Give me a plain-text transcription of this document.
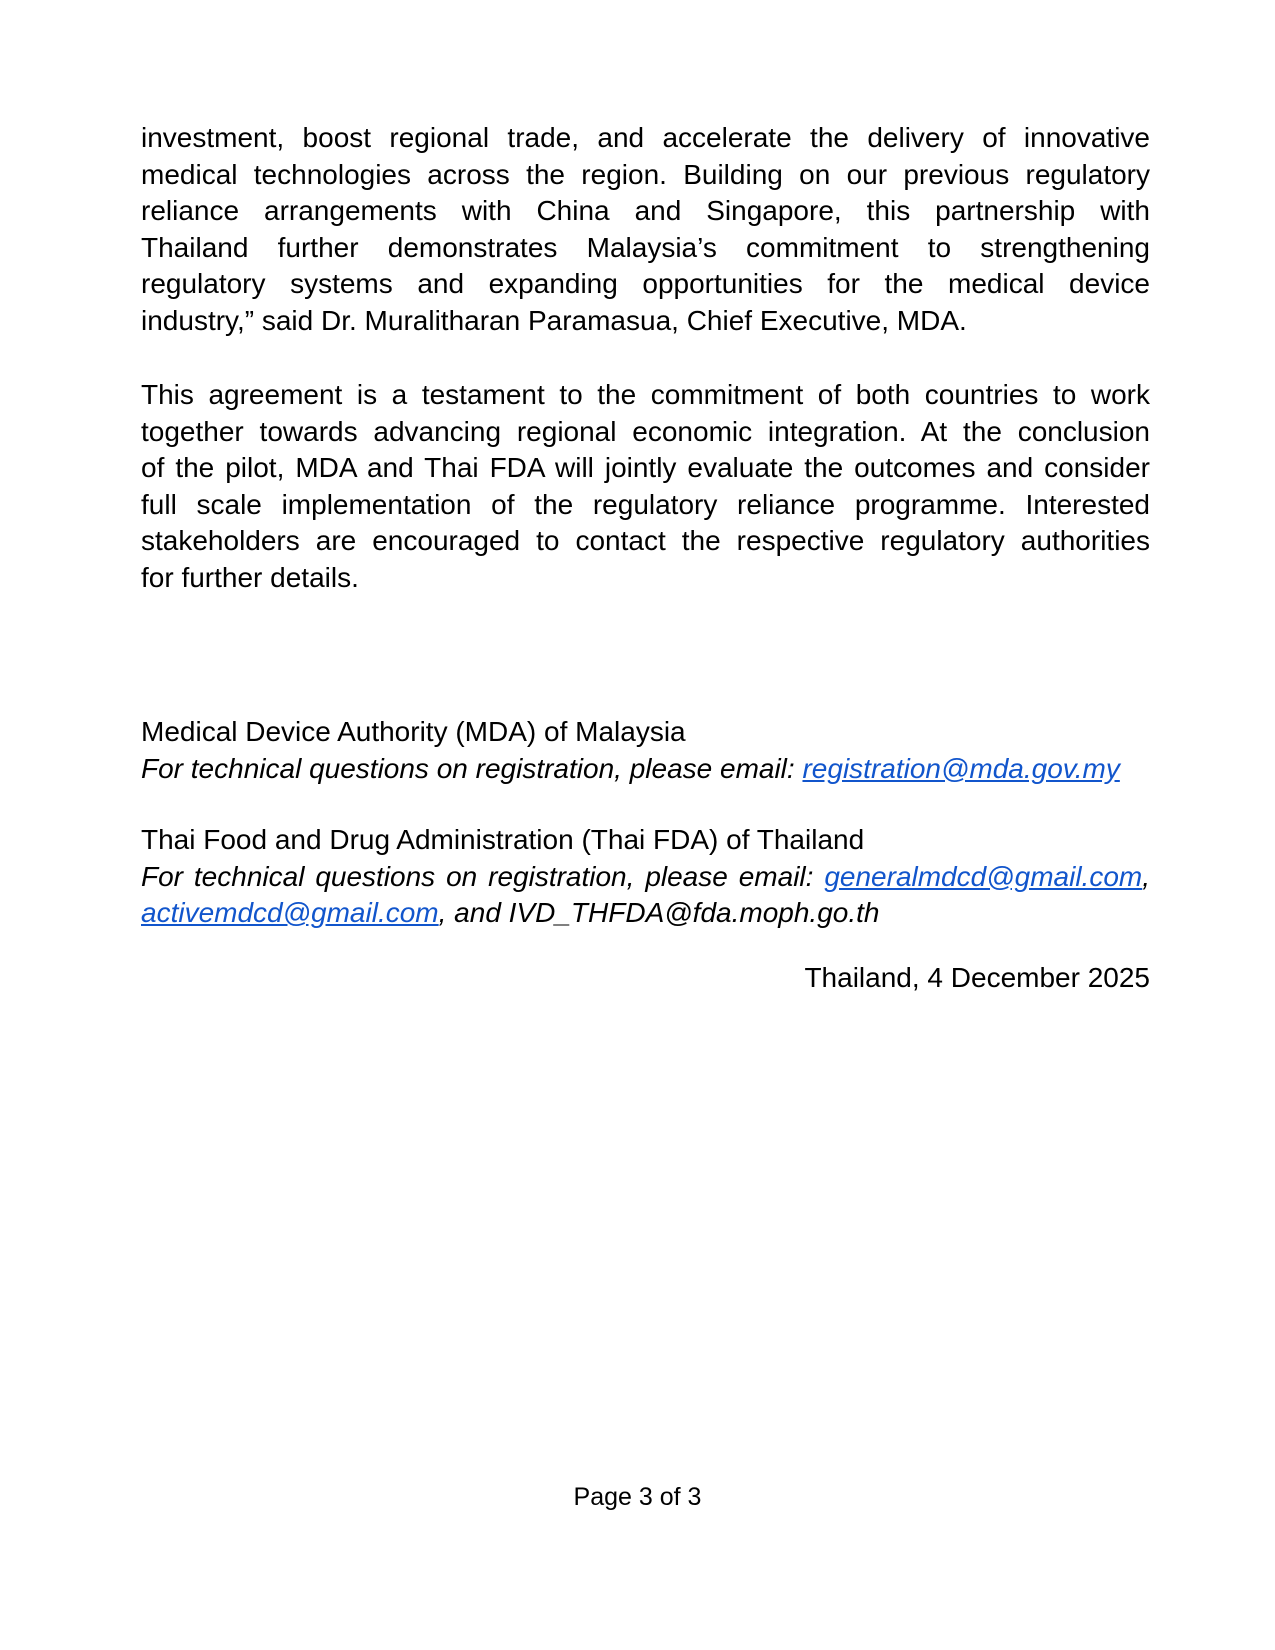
investment, boost regional trade, and accelerate the delivery of innovative
medical technologies across the region. Building on our previous regulatory
reliance arrangements with China and Singapore, this partnership with
Thailand further demonstrates Malaysia’s commitment to strengthening
regulatory systems and expanding opportunities for the medical device
industry,” said Dr. Muralitharan Paramasua, Chief Executive, MDA.
This agreement is a testament to the commitment of both countries to work
together towards advancing regional economic integration. At the conclusion
of the pilot, MDA and Thai FDA will jointly evaluate the outcomes and consider
full scale implementation of the regulatory reliance programme. Interested
stakeholders are encouraged to contact the respective regulatory authorities
for further details.
Medical Device Authority (MDA) of Malaysia
For technical questions on registration, please email: registration@mda.gov.my
Thai Food and Drug Administration (Thai FDA) of Thailand
For technical questions on registration, please email: generalmdcd@gmail.com,
activemdcd@gmail.com, and IVD_THFDA@fda.moph.go.th
Thailand, 4 December 2025
Page 3 of 3
